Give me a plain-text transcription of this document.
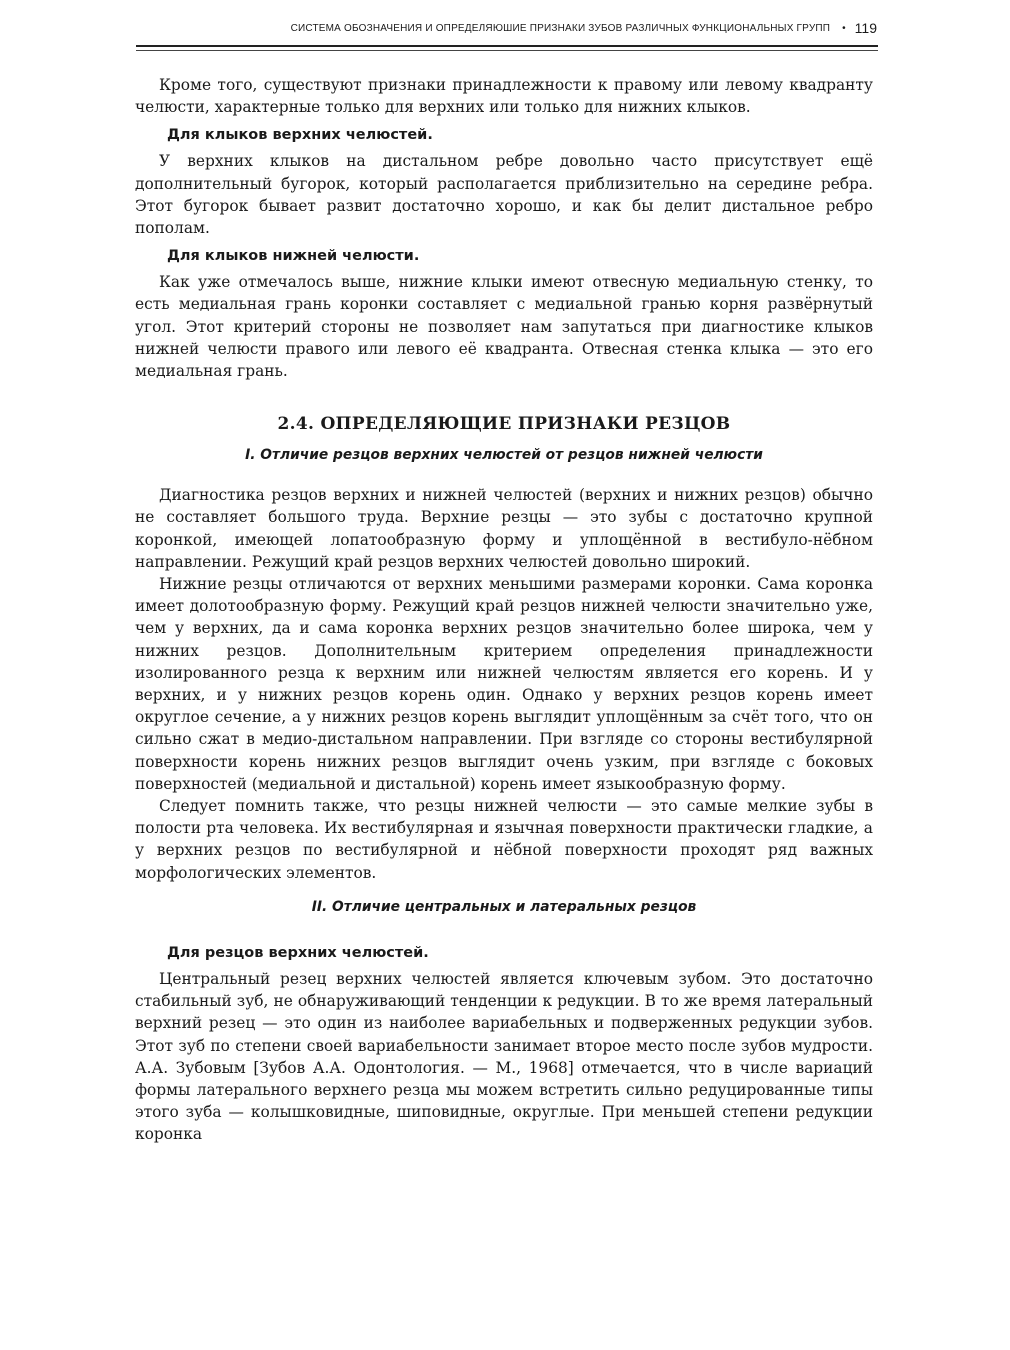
СИСТЕМА ОБОЗНАЧЕНИЯ И ОПРЕДЕЛЯЮШИЕ ПРИЗНАКИ ЗУБОВ РАЗЛИЧНЫХ ФУНКЦИОНАЛЬНЫХ ГРУПП • 119

Кроме того, существуют признаки принадлежности к правому или левому квадранту челюсти, характерные только для верхних или только для нижних клыков.

Для клыков верхних челюстей.

У верхних клыков на дистальном ребре довольно часто присутствует ещё дополнительный бугорок, который располагается приблизительно на середине ребра. Этот бугорок бывает развит достаточно хорошо, и как бы делит дистальное ребро пополам.

Для клыков нижней челюсти.

Как уже отмечалось выше, нижние клыки имеют отвесную медиальную стенку, то есть медиальная грань коронки составляет с медиальной гранью корня развёрнутый угол. Этот критерий стороны не позволяет нам запутаться при диагностике клыков нижней челюсти правого или левого её квадранта. Отвесная стенка клыка — это его медиальная грань.

2.4. ОПРЕДЕЛЯЮЩИЕ ПРИЗНАКИ РЕЗЦОВ
I. Отличие резцов верхних челюстей от резцов нижней челюсти

Диагностика резцов верхних и нижней челюстей (верхних и нижних резцов) обычно не составляет большого труда. Верхние резцы — это зубы с достаточно крупной коронкой, имеющей лопатообразную форму и уплощённой в вестибуло-нёбном направлении. Режущий край резцов верхних челюстей довольно широкий.

Нижние резцы отличаются от верхних меньшими размерами коронки. Сама коронка имеет долотообразную форму. Режущий край резцов нижней челюсти значительно уже, чем у верхних, да и сама коронка верхних резцов значительно более широка, чем у нижних резцов. Дополнительным критерием определения принадлежности изолированного резца к верхним или нижней челюстям является его корень. И у верхних, и у нижних резцов корень один. Однако у верхних резцов корень имеет округлое сечение, а у нижних резцов корень выглядит уплощённым за счёт того, что он сильно сжат в медио-дистальном направлении. При взгляде со стороны вестибулярной поверхности корень нижних резцов выглядит очень узким, при взгляде с боковых поверхностей (медиальной и дистальной) корень имеет языкообразную форму.

Следует помнить также, что резцы нижней челюсти — это самые мелкие зубы в полости рта человека. Их вестибулярная и язычная поверхности практически гладкие, а у верхних резцов по вестибулярной и нёбной поверхности проходят ряд важных морфологических элементов.

II. Отличие центральных и латеральных резцов
Для резцов верхних челюстей.

Центральный резец верхних челюстей является ключевым зубом. Это достаточно стабильный зуб, не обнаруживающий тенденции к редукции. В то же время латеральный верхний резец — это один из наиболее вариабельных и подверженных редукции зубов. Этот зуб по степени своей вариабельности занимает второе место после зубов мудрости. А.А. Зубовым [Зубов А.А. Одонтология. — М., 1968] отмечается, что в числе вариаций формы латерального верхнего резца мы можем встретить сильно редуцированные типы этого зуба — колышковидные, шиповидные, округлые. При меньшей степени редукции коронка
